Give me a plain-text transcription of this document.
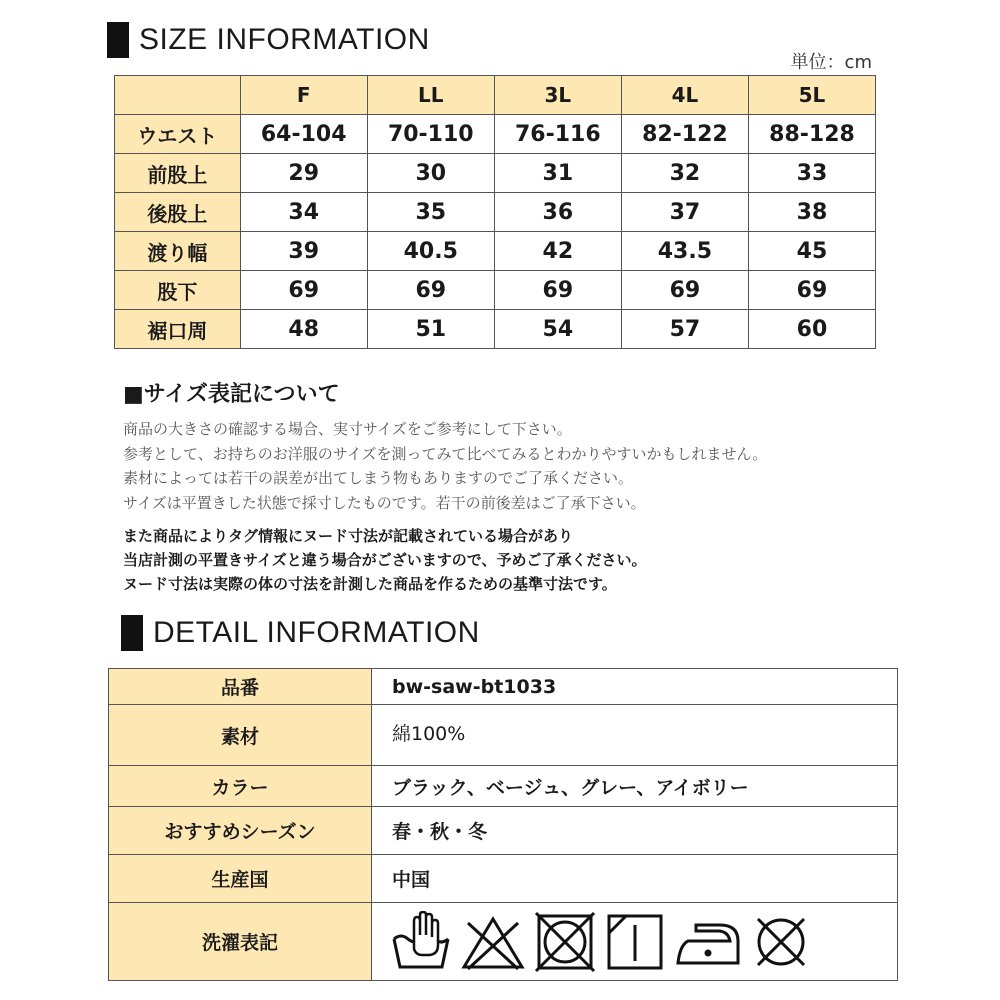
SIZE INFORMATION
単位：cm
	F	LL	3L	4L	5L
ウエスト	64-104	70-110	76-116	82-122	88-128
前股上	29	30	31	32	33
後股上	34	35	36	37	38
渡り幅	39	40.5	42	43.5	45
股下	69	69	69	69	69
裾口周	48	51	54	57	60
■サイズ表記について
商品の大きさの確認する場合、実寸サイズをご参考にして下さい。
参考として、お持ちのお洋服のサイズを測ってみて比べてみるとわかりやすいかもしれません。
素材によっては若干の誤差が出てしまう物もありますのでご了承ください。
サイズは平置きした状態で採寸したものです。若干の前後差はご了承下さい。
また商品によりタグ情報にヌード寸法が記載されている場合があり
当店計測の平置きサイズと違う場合がございますので、予めご了承ください。
ヌード寸法は実際の体の寸法を計測した商品を作るための基準寸法です。
DETAIL INFORMATION
品番	bw-saw-bt1033
素材	綿100%
カラー	ブラック、ベージュ、グレー、アイボリー
おすすめシーズン	春・秋・冬
生産国	中国
洗濯表記	
